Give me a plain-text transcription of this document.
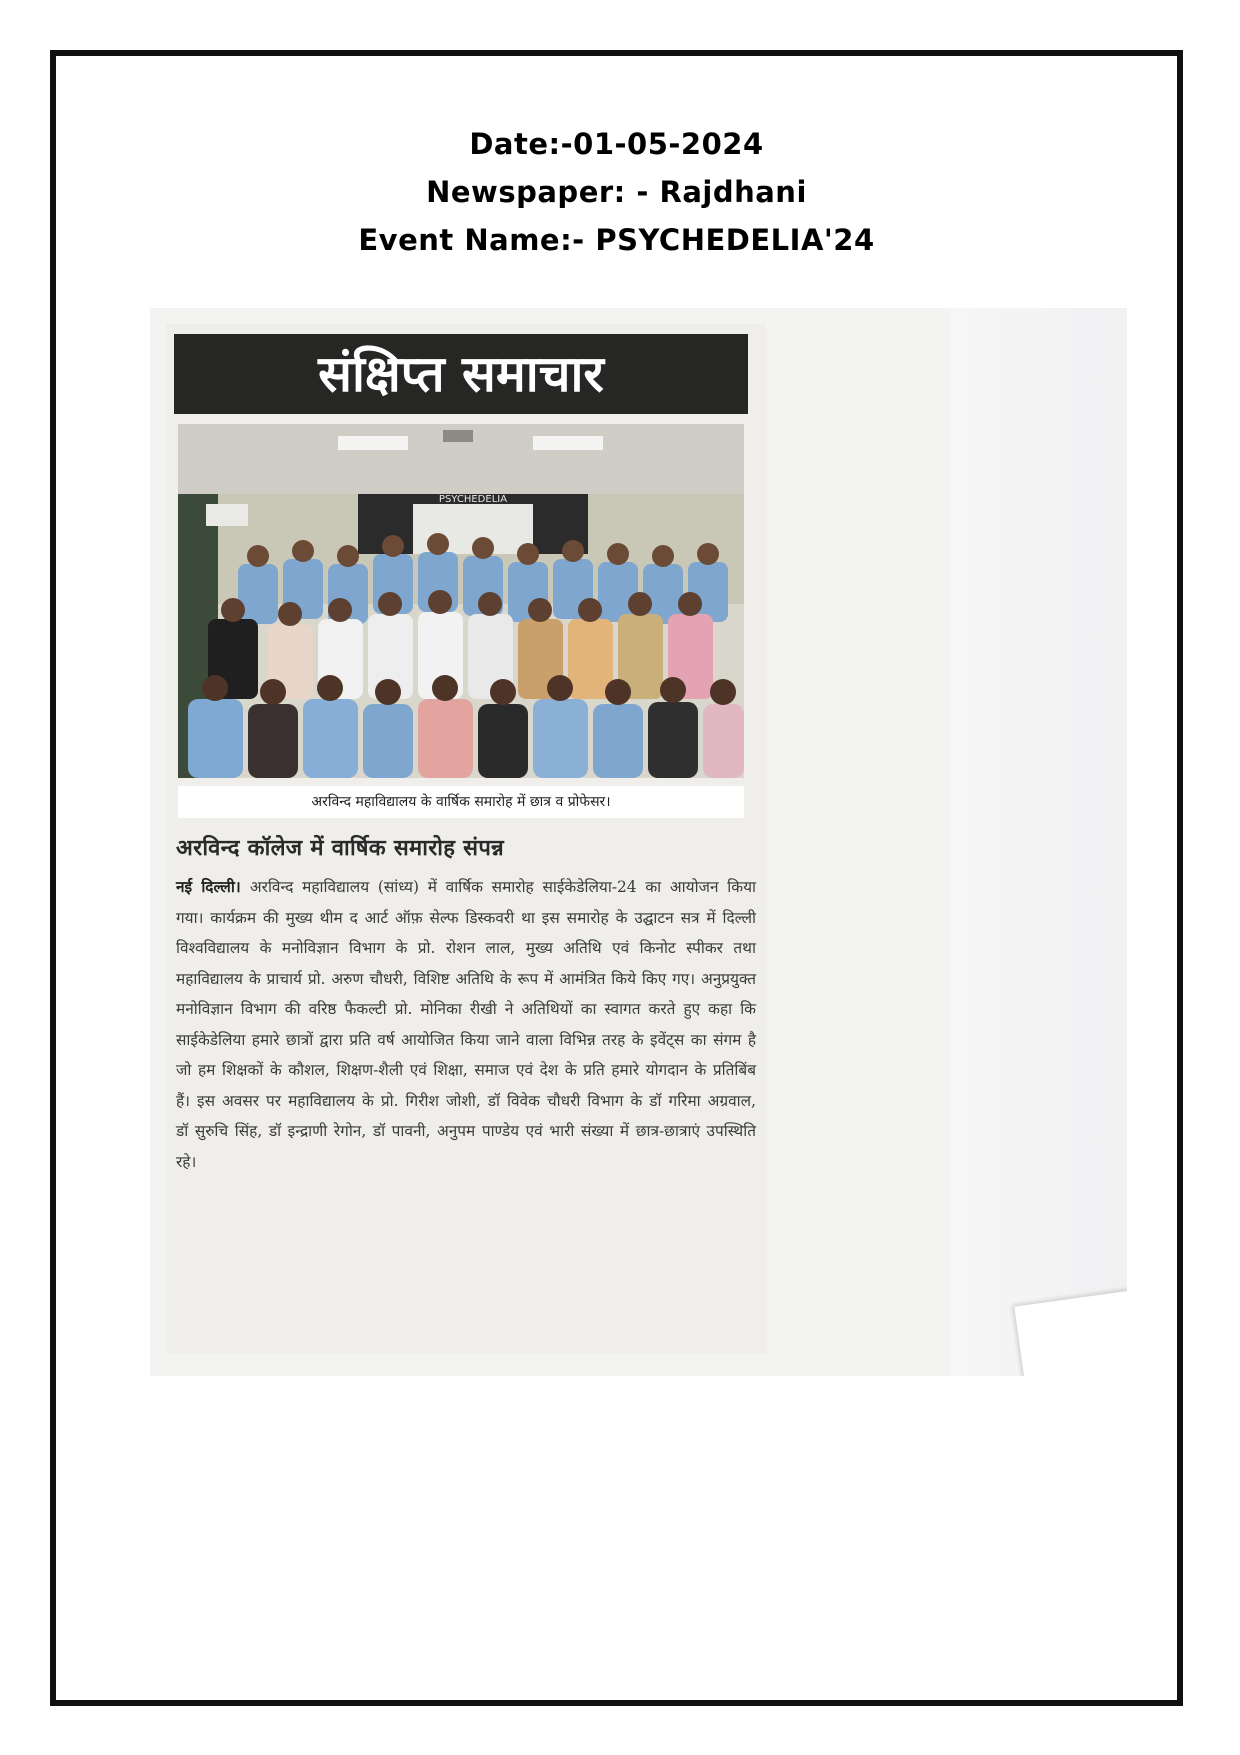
Date:-01-05-2024
Newspaper: - Rajdhani
Event Name:- PSYCHEDELIA'24
संक्षिप्त समाचार
PSYCHEDELIA
अरविन्द महाविद्यालय के वार्षिक समारोह में छात्र व प्रोफेसर।
अरविन्द कॉलेज में वार्षिक समारोह संपन्न
नई दिल्ली। अरविन्द महाविद्यालय (सांध्य) में वार्षिक समारोह साईकेडेलिया-24 का आयोजन किया गया। कार्यक्रम की मुख्य थीम द आर्ट ऑफ़ सेल्फ डिस्कवरी था इस समारोह के उद्घाटन सत्र में दिल्ली विश्वविद्यालय के मनोविज्ञान विभाग के प्रो. रोशन लाल, मुख्य अतिथि एवं किनोट स्पीकर तथा महाविद्यालय के प्राचार्य प्रो. अरुण चौधरी, विशिष्ट अतिथि के रूप में आमंत्रित किये किए गए। अनुप्रयुक्त मनोविज्ञान विभाग की वरिष्ठ फैकल्टी प्रो. मोनिका रीखी ने अतिथियों का स्वागत करते हुए कहा कि साईकेडेलिया हमारे छात्रों द्वारा प्रति वर्ष आयोजित किया जाने वाला विभिन्न तरह के इवेंट्स का संगम है जो हम शिक्षकों के कौशल, शिक्षण-शैली एवं शिक्षा, समाज एवं देश के प्रति हमारे योगदान के प्रतिबिंब हैं। इस अवसर पर महाविद्यालय के प्रो. गिरीश जोशी, डॉ विवेक चौधरी विभाग के डॉ गरिमा अग्रवाल, डॉ सुरुचि सिंह, डॉ इन्द्राणी रेगोन, डॉ पावनी, अनुपम पाण्डेय एवं भारी संख्या में छात्र-छात्राएं उपस्थिति रहे।
